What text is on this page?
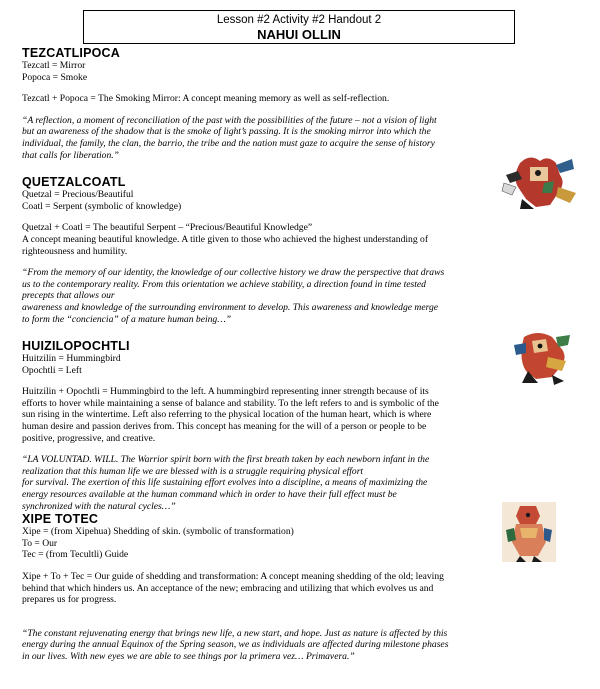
Lesson #2 Activity #2 Handout 2
NAHUI OLLIN
TEZCATLIPOCA

Tezcatl = Mirror

Popoca = Smoke

Tezcatl + Popoca = The Smoking Mirror: A concept meaning memory as well as self-reflection.

“A reflection, a moment of reconciliation of the past with the possibilities of the future – not a vision of light

but an awareness of the shadow that is the smoke of light’s passing. It is the smoking mirror into which the

individual, the family, the clan, the barrio, the tribe and the nation must gaze to acquire the sense of history

that calls for liberation.”

QUETZALCOATL

Quetzal = Precious/Beautiful

Coatl = Serpent (symbolic of knowledge)

Quetzal + Coatl = The beautiful Serpent – “Precious/Beautiful Knowledge”

A concept meaning beautiful knowledge. A title given to those who achieved the highest understanding of

righteousness and humility.

“From the memory of our identity, the knowledge of our collective history we draw the perspective that draws

us to the contemporary reality. From this orientation we achieve stability, a direction found in time tested

precepts that allows our

awareness and knowledge of the surrounding environment to develop. This awareness and knowledge merge

to form the “conciencia” of a mature human being…”

HUIZILOPOCHTLI

Huitzilin = Hummingbird

Opochtli = Left

Huitzilin + Opochtli = Hummingbird to the left. A hummingbird representing inner strength because of its

efforts to hover while maintaining a sense of balance and stability. To the left refers to and is symbolic of the

sun rising in the wintertime. Left also referring to the physical location of the human heart, which is where

human desire and passion derives from. This concept has meaning for the will of a person or people to be

positive, progressive, and creative.

“LA VOLUNTAD. WILL. The Warrior spirit born with the first breath taken by each newborn infant in the

realization that this human life we are blessed with is a struggle requiring physical effort

for survival. The exertion of this life sustaining effort evolves into a discipline, a means of maximizing the

energy resources available at the human command which in order to have their full effect must be

synchronized with the natural cycles…”

XIPE TOTEC

Xipe = (from Xipehua) Shedding of skin. (symbolic of transformation)

To = Our

Tec = (from Tecultli) Guide

Xipe + To + Tec = Our guide of shedding and transformation: A concept meaning shedding of the old; leaving

behind that which hinders us. An acceptance of the new; embracing and utilizing that which evolves us and

prepares us for progress.

“The constant rejuvenating energy that brings new life, a new start, and hope. Just as nature is affected by this

energy during the annual Equinox of the Spring season, we as individuals are affected during milestone phases

in our lives. With new eyes we are able to see things por la primera vez… Primavera.”
